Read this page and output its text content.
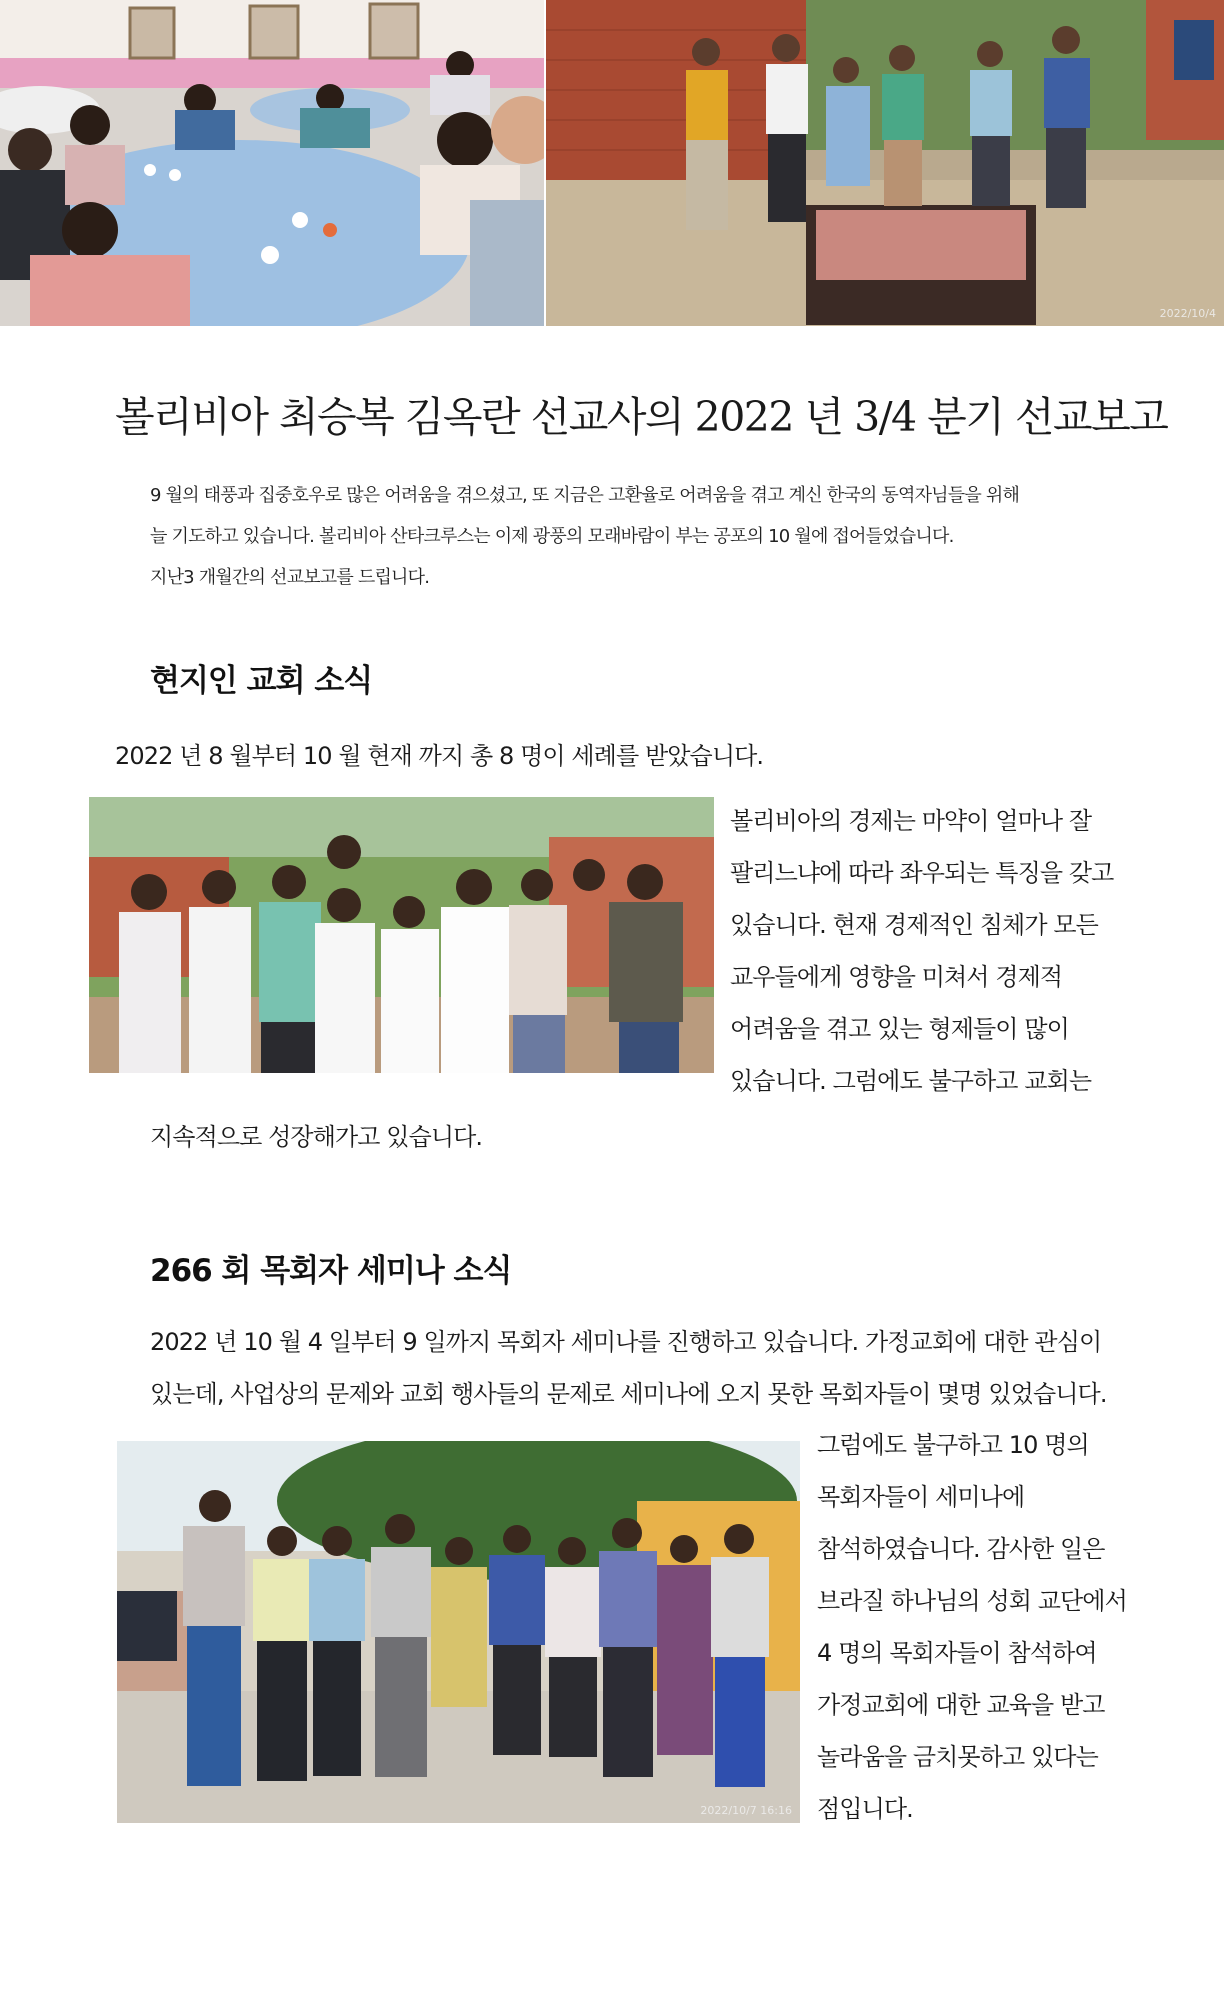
2022/10/4
볼리비아 최승복 김옥란 선교사의 2022 년 3/4 분기 선교보고
9 월의 태풍과 집중호우로 많은 어려움을 겪으셨고, 또 지금은 고환율로 어려움을 겪고 계신 한국의 동역자님들을 위해
늘 기도하고 있습니다. 볼리비아 산타크루스는 이제 광풍의 모래바람이 부는 공포의 10 월에 접어들었습니다.
지난3 개월간의 선교보고를 드립니다.
현지인 교회 소식
2022 년 8 월부터 10 월 현재 까지 총 8 명이 세례를 받았습니다.
볼리비아의 경제는 마약이 얼마나 잘
팔리느냐에 따라 좌우되는 특징을 갖고
있습니다. 현재 경제적인 침체가 모든
교우들에게 영향을 미쳐서 경제적
어려움을 겪고 있는 형제들이 많이
있습니다. 그럼에도 불구하고 교회는
지속적으로 성장해가고 있습니다.
266 회 목회자 세미나 소식
2022 년 10 월 4 일부터 9 일까지 목회자 세미나를 진행하고 있습니다. 가정교회에 대한 관심이
있는데, 사업상의 문제와 교회 행사들의 문제로 세미나에 오지 못한 목회자들이 몇명 있었습니다.
2022/10/7 16:16
그럼에도 불구하고 10 명의
목회자들이 세미나에
참석하였습니다. 감사한 일은
브라질 하나님의 성회 교단에서
4 명의 목회자들이 참석하여
가정교회에 대한 교육을 받고
놀라움을 금치못하고 있다는
점입니다.
